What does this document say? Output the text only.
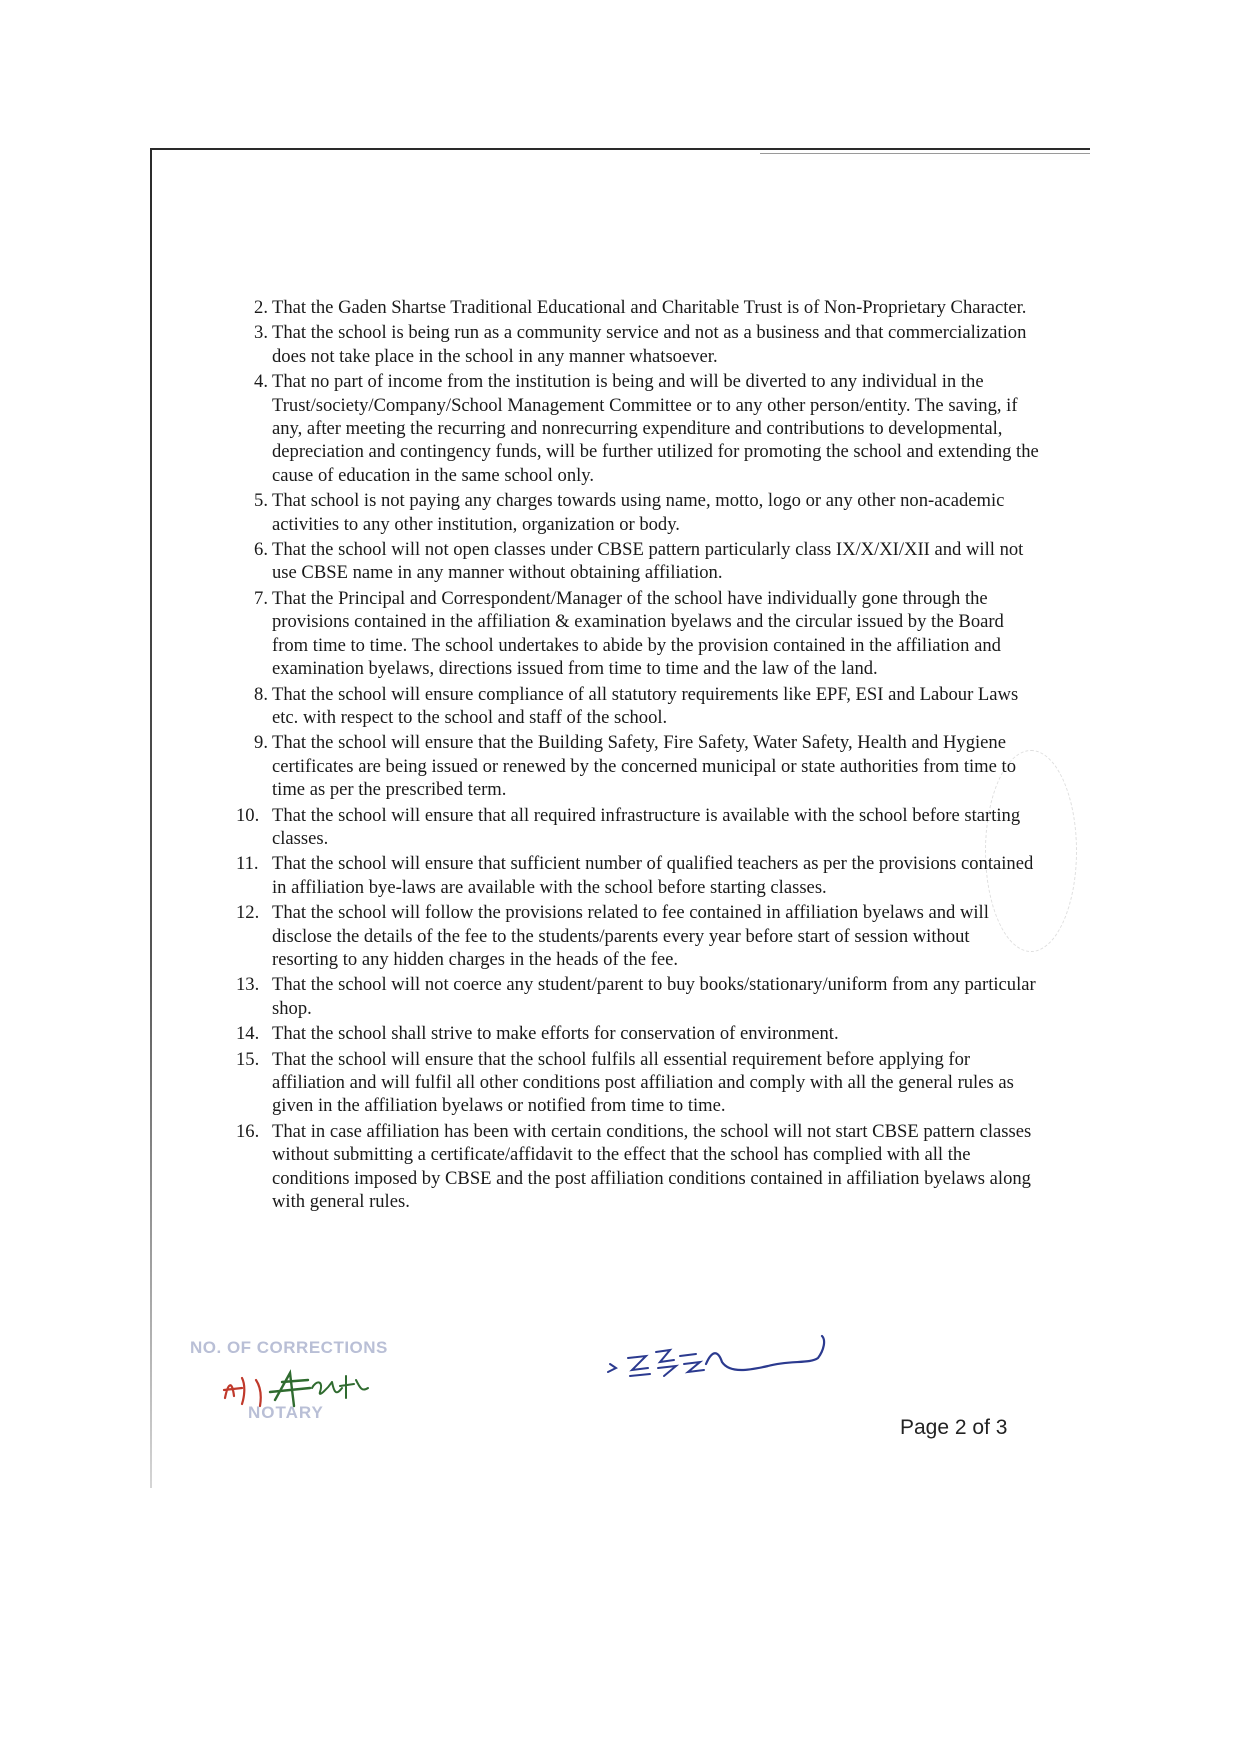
2. That the Gaden Shartse Traditional Educational and Charitable Trust is of Non-Proprietary Character.
3. That the school is being run as a community service and not as a business and that commercialization does not take place in the school in any manner whatsoever.
4. That no part of income from the institution is being and will be diverted to any individual in the Trust/society/Company/School Management Committee or to any other person/entity. The saving, if any, after meeting the recurring and nonrecurring expenditure and contributions to developmental, depreciation and contingency funds, will be further utilized for promoting the school and extending the cause of education in the same school only.
5. That school is not paying any charges towards using name, motto, logo or any other non-academic activities to any other institution, organization or body.
6. That the school will not open classes under CBSE pattern particularly class IX/X/XI/XII and will not use CBSE name in any manner without obtaining affiliation.
7. That the Principal and Correspondent/Manager of the school have individually gone through the provisions contained in the affiliation & examination byelaws and the circular issued by the Board from time to time. The school undertakes to abide by the provision contained in the affiliation and examination byelaws, directions issued from time to time and the law of the land.
8. That the school will ensure compliance of all statutory requirements like EPF, ESI and Labour Laws etc. with respect to the school and staff of the school.
9. That the school will ensure that the Building Safety, Fire Safety, Water Safety, Health and Hygiene certificates are being issued or renewed by the concerned municipal or state authorities from time to time as per the prescribed term.
10. That the school will ensure that all required infrastructure is available with the school before starting classes.
11. That the school will ensure that sufficient number of qualified teachers as per the provisions contained in affiliation bye-laws are available with the school before starting classes.
12. That the school will follow the provisions related to fee contained in affiliation byelaws and will disclose the details of the fee to the students/parents every year before start of session without resorting to any hidden charges in the heads of the fee.
13. That the school will not coerce any student/parent to buy books/stationary/uniform from any particular shop.
14. That the school shall strive to make efforts for conservation of environment.
15. That the school will ensure that the school fulfils all essential requirement before applying for affiliation and will fulfil all other conditions post affiliation and comply with all the general rules as given in the affiliation byelaws or notified from time to time.
16. That in case affiliation has been with certain conditions, the school will not start CBSE pattern classes without submitting a certificate/affidavit to the effect that the school has complied with all the conditions imposed by CBSE and the post affiliation conditions contained in affiliation byelaws along with general rules.
NO. OF CORRECTIONS
NOTARY
Page 2 of 3
